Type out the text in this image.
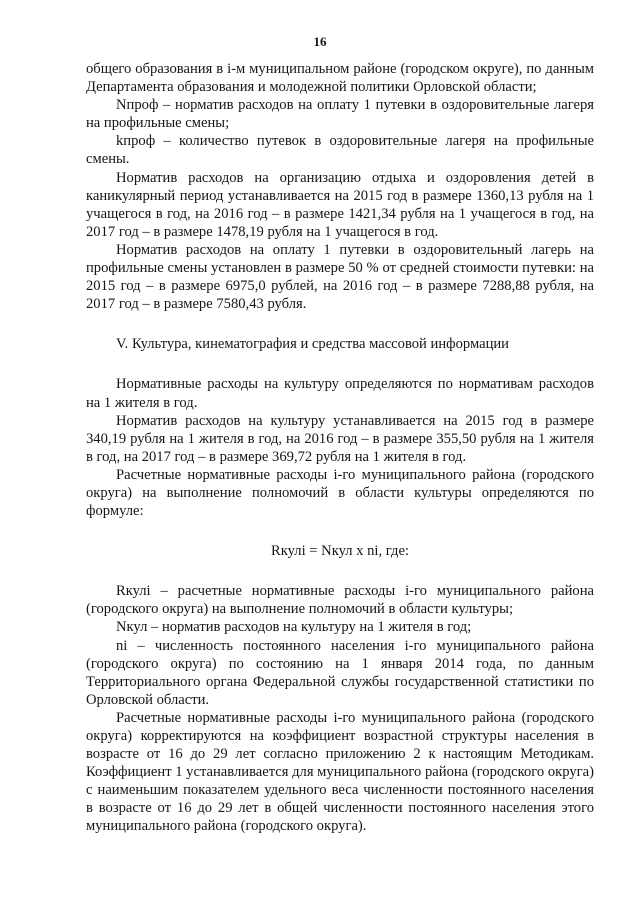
16

общего образования в i-м муниципальном районе (городском округе), по данным Департамента образования и молодежной политики Орловской области;

Nпроф – норматив расходов на оплату 1 путевки в оздоровительные лагеря на профильные смены;

kпроф – количество путевок в оздоровительные лагеря на профильные смены.

Норматив расходов на организацию отдыха и оздоровления детей в каникулярный период устанавливается на 2015 год в размере 1360,13 рубля на 1 учащегося в год, на 2016 год – в размере 1421,34 рубля на 1 учащегося в год, на 2017 год – в размере 1478,19 рубля на 1 учащегося в год.

Норматив расходов на оплату 1 путевки в оздоровительный лагерь на профильные смены установлен в размере 50 % от средней стоимости путевки: на 2015 год – в размере 6975,0 рублей, на 2016 год – в размере 7288,88 рубля, на 2017 год – в размере 7580,43 рубля.

V. Культура, кинематография и средства массовой информации

Нормативные расходы на культуру определяются по нормативам расходов на 1 жителя в год.

Норматив расходов на культуру устанавливается на 2015 год в размере 340,19 рубля на 1 жителя в год, на 2016 год – в размере 355,50 рубля на 1 жителя в год, на 2017 год – в размере 369,72 рубля на 1 жителя в год.

Расчетные нормативные расходы i-го муниципального района (городского округа) на выполнение полномочий в области культуры определяются по формуле:

Rкулi = Nкул x ni, где:

Rкулi – расчетные нормативные расходы i-го муниципального района (городского округа) на выполнение полномочий в области культуры;

Nкул – норматив расходов на культуру на 1 жителя в год;

ni – численность постоянного населения i-го муниципального района (городского округа) по состоянию на 1 января 2014 года, по данным Территориального органа Федеральной службы государственной статистики по Орловской области.

Расчетные нормативные расходы i-го муниципального района (городского округа) корректируются на коэффициент возрастной структуры населения в возрасте от 16 до 29 лет согласно приложению 2 к настоящим Методикам. Коэффициент 1 устанавливается для муниципального района (городского округа) с наименьшим показателем удельного веса численности постоянного населения в возрасте от 16 до 29 лет в общей численности постоянного населения этого муниципального района (городского округа).
